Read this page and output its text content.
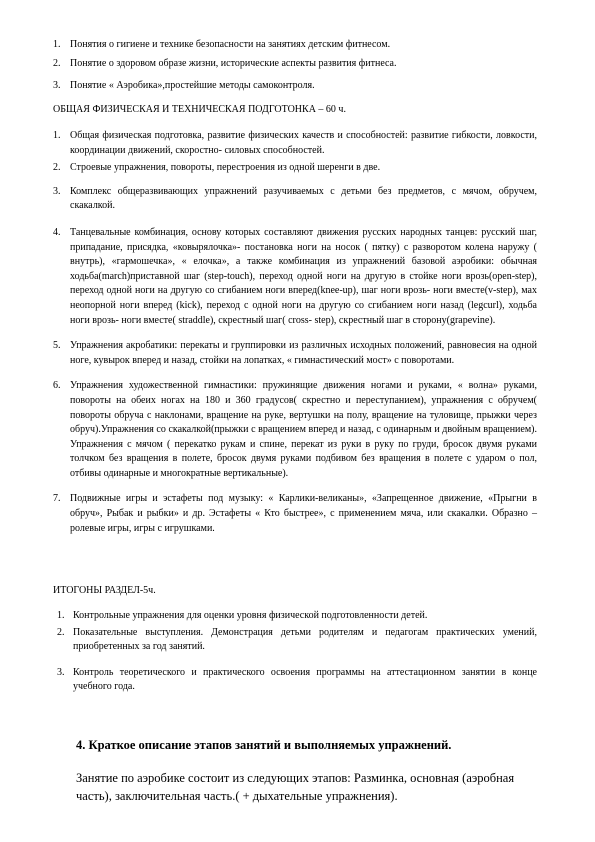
1. Понятия о гигиене и технике безопасности на занятиях детским фитнесом.
2. Понятие о здоровом образе жизни, исторические аспекты развития фитнеса.
3. Понятие « Аэробика»,простейшие методы самоконтроля.
ОБЩАЯ ФИЗИЧЕСКАЯ И ТЕХНИЧЕСКАЯ ПОДГОТОНКА – 60 ч.
1. Общая физическая подготовка, развитие физических качеств и способностей: развитие гибкости, ловкости, координации движений, скоростно- силовых способностей.
2. Строевые упражнения, повороты, перестроения из одной шеренги в две.
3. Комплекс общеразвивающих упражнений разучиваемых с детьми без предметов, с мячом, обручем, скакалкой.
4. Танцевальные комбинация, основу которых составляют движения русских народных танцев: русский шаг, припадание, присядка, «ковырялочка»- постановка ноги на носок ( пятку) с разворотом колена наружу ( внутрь), «гармошечка», « елочка», а также комбинация из упражнений базовой аэробики: обычная ходьба(march)приставной шаг (step-touch), переход одной ноги на другую в стойке ноги врозь(open-step), переход одной ноги на другую со сгибанием ноги вперед(knee-up), шаг ноги врозь- ноги вместе(v-step), мах неопорной ноги вперед (kick), переход с одной ноги на другую со сгибанием ноги назад (legcurl), ходьба ноги врозь- ноги вместе( straddle), скрестный шаг( cross- step), скрестный шаг в сторону(grapevine).
5. Упражнения акробатики: перекаты и группировки из различных исходных положений, равновесия на одной ноге, кувырок вперед и назад, стойки на лопатках, « гимнастический мост» с поворотами.
6. Упражнения художественной гимнастики: пружинящие движения ногами и руками, « волна» руками, повороты на обеих ногах на 180 и 360 градусов( скрестно и переступанием), упражнения с обручем( повороты обруча с наклонами, вращение на руке, вертушки на полу, вращение на туловище, прыжки через обруч).Упражнения со скакалкой(прыжки с вращением вперед и назад, с одинарным и двойным вращением). Упражнения с мячом ( перекатко рукам и спине, перекат из руки в руку по груди, бросок двумя руками толчком без вращения в полете, бросок двумя руками подбивом без вращения в полете с ударом о пол, отбивы одинарные и многократные вертикальные).
7. Подвижные игры и эстафеты под музыку: « Карлики-великаны», «Запрещенное движение, «Прыгни в обруч», Рыбак и рыбки» и др. Эстафеты « Кто быстрее», с применением мяча, или скакалки. Образно – ролевые игры, игры с игрушками.
ИТОГОНЫ РАЗДЕЛ-5ч.
1. Контрольные упражнения для оценки уровня физической подготовленности детей.
2. Показательные выступления. Демонстрация детьми родителям и педагогам практических умений, приобретенных за год занятий.
3. Контроль теоретического и практического освоения программы на аттестационном занятии в конце учебного года.
4. Краткое описание этапов занятий и выполняемых упражнений.
Занятие по аэробике состоит из следующих этапов: Разминка, основная (аэробная часть), заключительная часть.( + дыхательные упражнения).
